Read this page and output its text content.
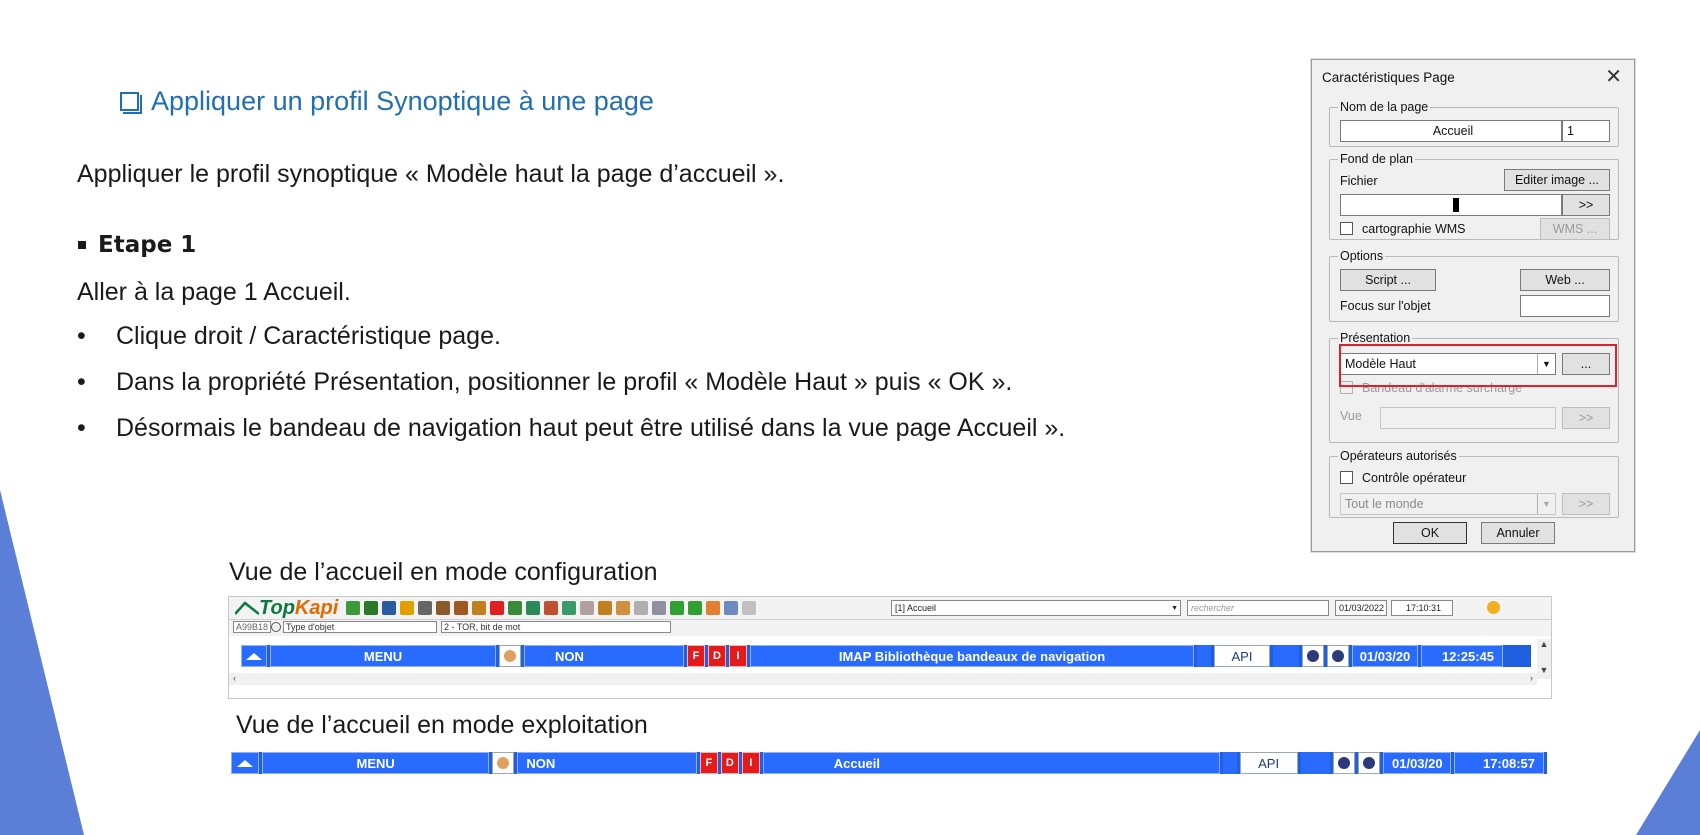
Appliquer un profil Synoptique à une page
Appliquer le profil synoptique « Modèle haut la page d’accueil ».
Etape 1
Aller à la page 1 Accueil.
•	Clique droit / Caractéristique page.
•	Dans la propriété Présentation, positionner le profil « Modèle Haut » puis « OK ».
•	Désormais le bandeau de navigation haut peut être utilisé dans la vue page Accueil ».
Vue de l’accueil en mode configuration
Vue de l’accueil en mode exploitation
Caractéristiques Page	✕
Nom de la page
Accueil	1
Fond de plan
Fichier	Editer image ...
>>
cartographie WMS	WMS ...
Options
Script ...	Web ...
Focus sur l'objet
Présentation
Modèle Haut	▼	...
Bandeau d'alarme surcharge
Vue	>>
Opérateurs autorisés
Contrôle opérateur
Tout le monde	▼	>>
OK	Annuler
Top Kapi	[1] Accueil	▼	rechercher	01/03/2022	17:10:31
A99B18	Type d'objet	2 - TOR, bit de mot
MENU	NON	F	D	I	IMAP Bibliothèque bandeaux de navigation	API	01/03/20	12:25:45
▲
▼
‹	›
MENU	NON	F	D	I	Accueil	API	01/03/20	17:08:57
